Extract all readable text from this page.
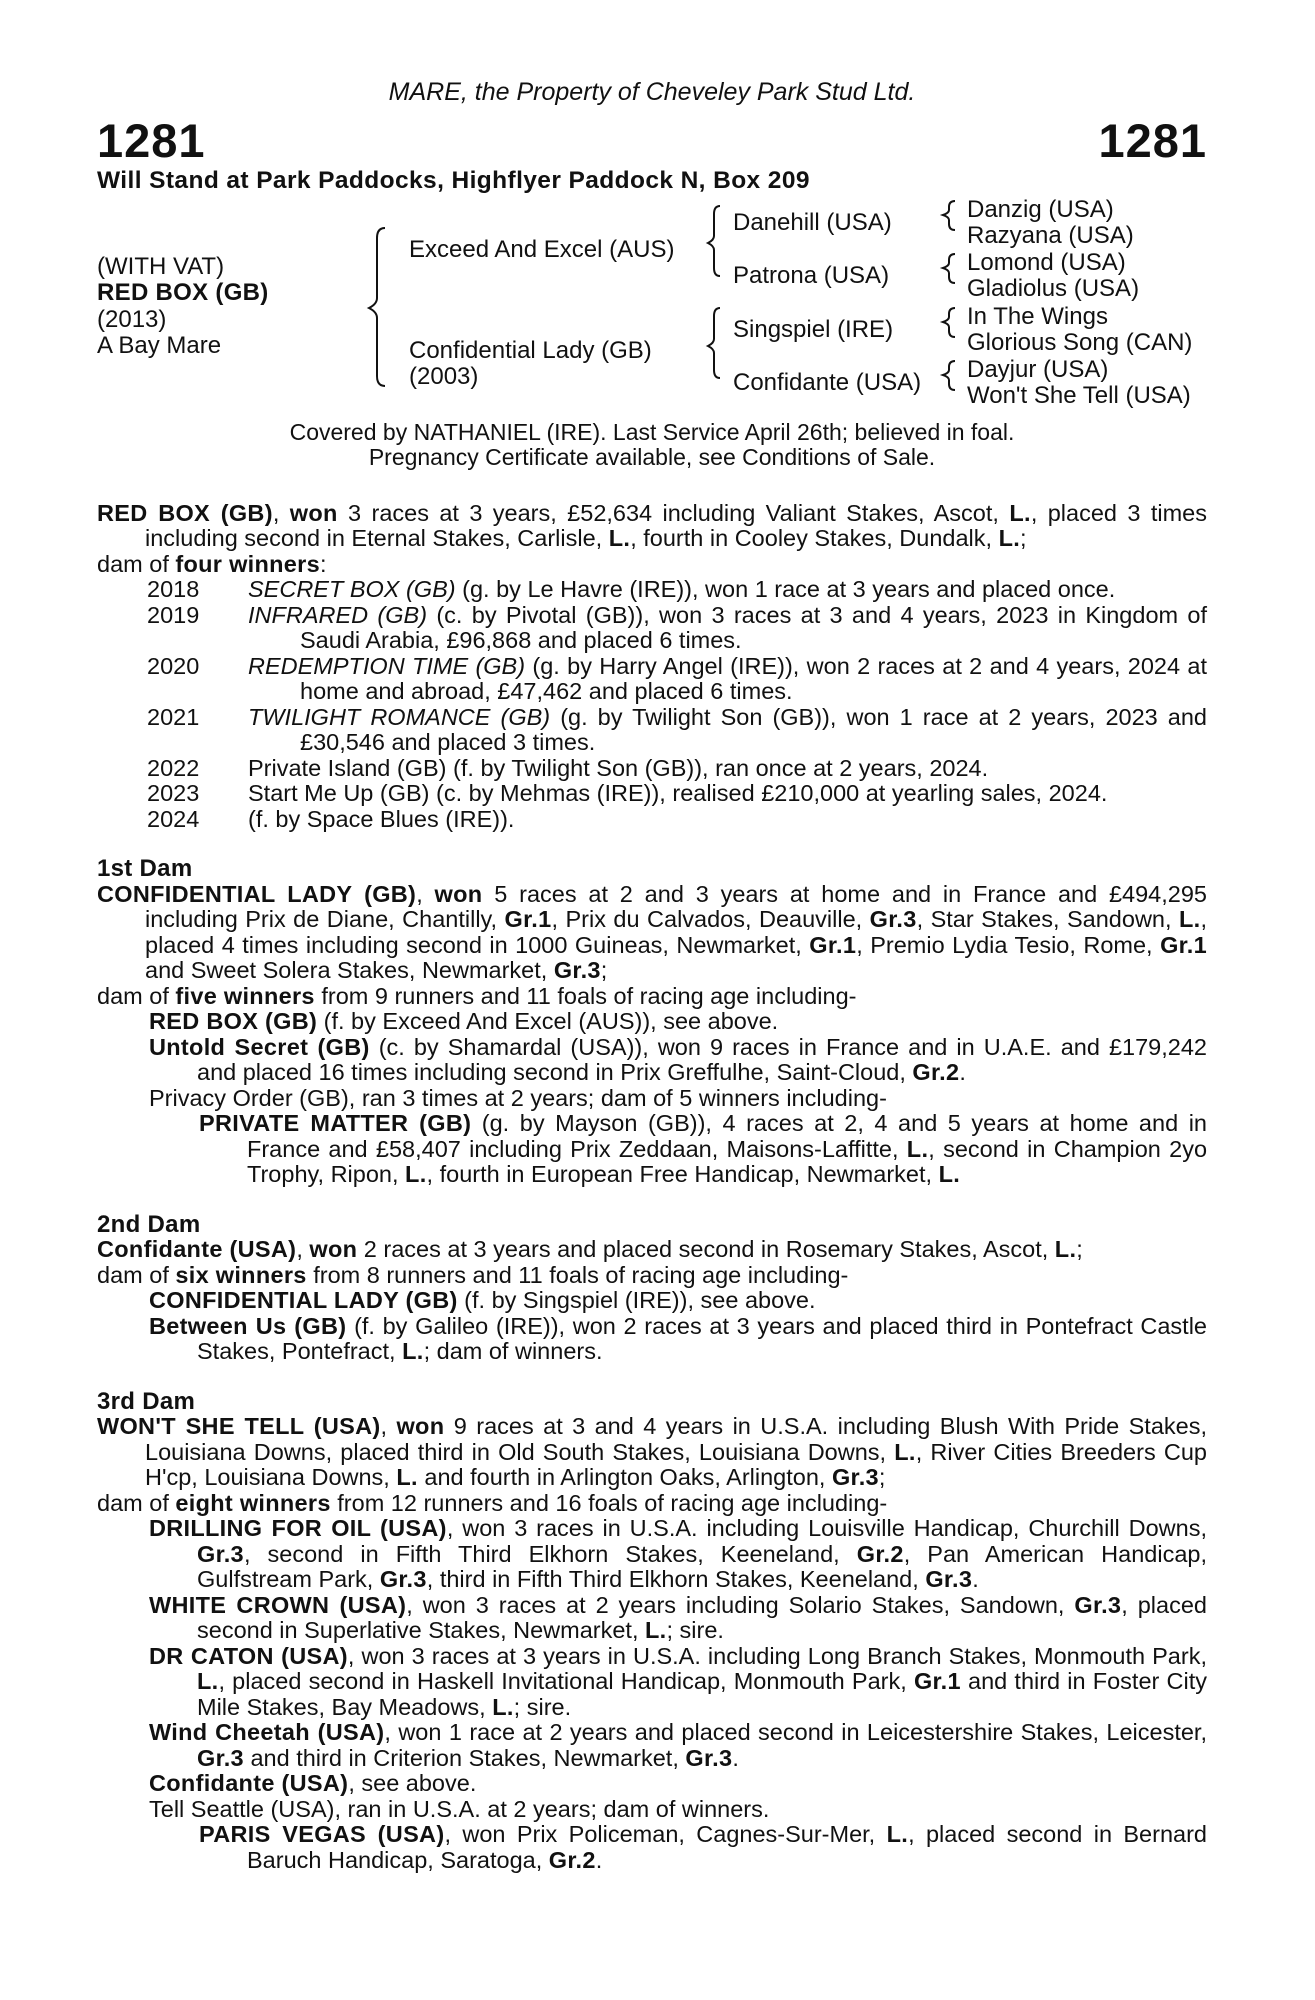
MARE, the Property of Cheveley Park Stud Ltd.
1281	1281
Will Stand at Park Paddocks, Highflyer Paddock N, Box 209
(WITH VAT)
RED BOX (GB)
(2013)
A Bay Mare
Exceed And Excel (AUS)
Confidential Lady (GB)
(2003)
Danehill (USA)
Patrona (USA)
Singspiel (IRE)
Confidante (USA)
Danzig (USA)
Razyana (USA)
Lomond (USA)
Gladiolus (USA)
In The Wings
Glorious Song (CAN)
Dayjur (USA)
Won't She Tell (USA)
Covered by NATHANIEL (IRE). Last Service April 26th; believed in foal.
Pregnancy Certificate available, see Conditions of Sale.
RED BOX (GB), won 3 races at 3 years, £52,634 including Valiant Stakes, Ascot, L., placed 3 times including second in Eternal Stakes, Carlisle, L., fourth in Cooley Stakes, Dundalk, L.;
dam of four winners:
2018	SECRET BOX (GB) (g. by Le Havre (IRE)), won 1 race at 3 years and placed once.
2019	INFRARED (GB) (c. by Pivotal (GB)), won 3 races at 3 and 4 years, 2023 in Kingdom of Saudi Arabia, £96,868 and placed 6 times.
2020	REDEMPTION TIME (GB) (g. by Harry Angel (IRE)), won 2 races at 2 and 4 years, 2024 at home and abroad, £47,462 and placed 6 times.
2021	TWILIGHT ROMANCE (GB) (g. by Twilight Son (GB)), won 1 race at 2 years, 2023 and £30,546 and placed 3 times.
2022	Private Island (GB) (f. by Twilight Son (GB)), ran once at 2 years, 2024.
2023	Start Me Up (GB) (c. by Mehmas (IRE)), realised £210,000 at yearling sales, 2024.
2024	(f. by Space Blues (IRE)).
1st Dam
CONFIDENTIAL LADY (GB), won 5 races at 2 and 3 years at home and in France and £494,295 including Prix de Diane, Chantilly, Gr.1, Prix du Calvados, Deauville, Gr.3, Star Stakes, Sandown, L., placed 4 times including second in 1000 Guineas, Newmarket, Gr.1, Premio Lydia Tesio, Rome, Gr.1 and Sweet Solera Stakes, Newmarket, Gr.3;
dam of five winners from 9 runners and 11 foals of racing age including-
RED BOX (GB) (f. by Exceed And Excel (AUS)), see above.
Untold Secret (GB) (c. by Shamardal (USA)), won 9 races in France and in U.A.E. and £179,242 and placed 16 times including second in Prix Greffulhe, Saint-Cloud, Gr.2.
Privacy Order (GB), ran 3 times at 2 years; dam of 5 winners including-
PRIVATE MATTER (GB) (g. by Mayson (GB)), 4 races at 2, 4 and 5 years at home and in France and £58,407 including Prix Zeddaan, Maisons-Laffitte, L., second in Champion 2yo Trophy, Ripon, L., fourth in European Free Handicap, Newmarket, L.
2nd Dam
Confidante (USA), won 2 races at 3 years and placed second in Rosemary Stakes, Ascot, L.;
dam of six winners from 8 runners and 11 foals of racing age including-
CONFIDENTIAL LADY (GB) (f. by Singspiel (IRE)), see above.
Between Us (GB) (f. by Galileo (IRE)), won 2 races at 3 years and placed third in Pontefract Castle Stakes, Pontefract, L.; dam of winners.
3rd Dam
WON'T SHE TELL (USA), won 9 races at 3 and 4 years in U.S.A. including Blush With Pride Stakes, Louisiana Downs, placed third in Old South Stakes, Louisiana Downs, L., River Cities Breeders Cup H'cp, Louisiana Downs, L. and fourth in Arlington Oaks, Arlington, Gr.3;
dam of eight winners from 12 runners and 16 foals of racing age including-
DRILLING FOR OIL (USA), won 3 races in U.S.A. including Louisville Handicap, Churchill Downs, Gr.3, second in Fifth Third Elkhorn Stakes, Keeneland, Gr.2, Pan American Handicap, Gulfstream Park, Gr.3, third in Fifth Third Elkhorn Stakes, Keeneland, Gr.3.
WHITE CROWN (USA), won 3 races at 2 years including Solario Stakes, Sandown, Gr.3, placed second in Superlative Stakes, Newmarket, L.; sire.
DR CATON (USA), won 3 races at 3 years in U.S.A. including Long Branch Stakes, Monmouth Park, L., placed second in Haskell Invitational Handicap, Monmouth Park, Gr.1 and third in Foster City Mile Stakes, Bay Meadows, L.; sire.
Wind Cheetah (USA), won 1 race at 2 years and placed second in Leicestershire Stakes, Leicester, Gr.3 and third in Criterion Stakes, Newmarket, Gr.3.
Confidante (USA), see above.
Tell Seattle (USA), ran in U.S.A. at 2 years; dam of winners.
PARIS VEGAS (USA), won Prix Policeman, Cagnes-Sur-Mer, L., placed second in Bernard Baruch Handicap, Saratoga, Gr.2.
